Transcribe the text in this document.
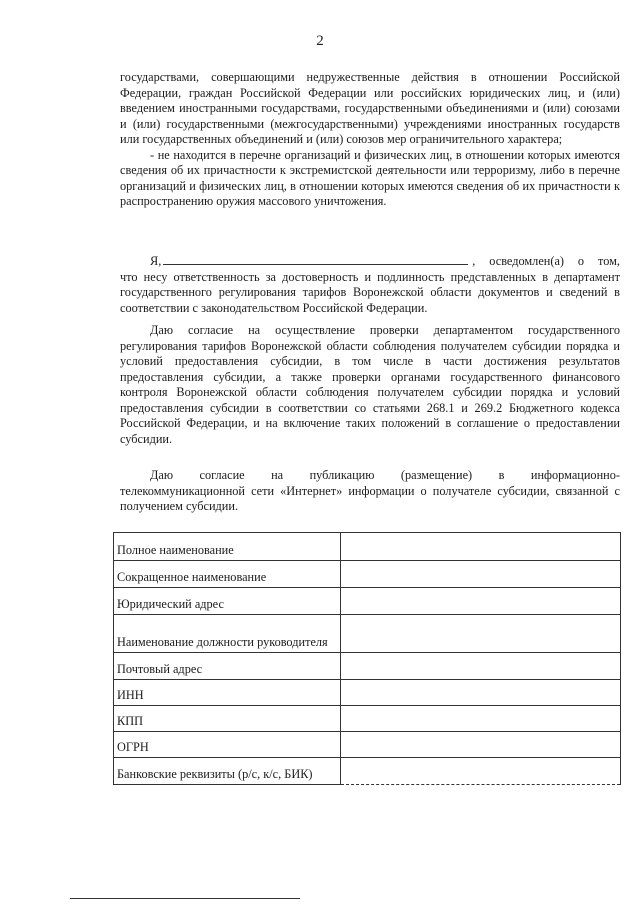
2

государствами, совершающими недружественные действия в отношении Российской Федерации, граждан Российской Федерации или российских юридических лиц, и (или) введением иностранными государствами, государственными объединениями и (или) союзами и (или) государственными (межгосударственными) учреждениями иностранных государств или государственных объединений и (или) союзов мер ограничительного характера;

- не находится в перечне организаций и физических лиц, в отношении которых имеются сведения об их причастности к экстремистской деятельности или терроризму, либо в перечне организаций и физических лиц, в отношении которых имеются сведения об их причастности к распространению оружия массового уничтожения.

Я,	, осведомлен(а) о том,

что несу ответственность за достоверность и подлинность представленных в департамент государственного регулирования тарифов Воронежской области документов и сведений в соответствии с законодательством Российской Федерации.

Даю согласие на осуществление проверки департаментом государственного регулирования тарифов Воронежской области соблюдения получателем субсидии порядка и условий предоставления субсидии, в том числе в части достижения результатов предоставления субсидии, а также проверки органами государственного финансового контроля Воронежской области соблюдения получателем субсидии порядка и условий предоставления субсидии в соответствии со статьями 268.1 и 269.2 Бюджетного кодекса Российской Федерации, и на включение таких положений в соглашение о предоставлении субсидии.

Даю согласие на публикацию (размещение) в информационно-

телекоммуникационной сети «Интернет» информации о получателе субсидии, связанной с получением субсидии.

Полное наименование	
Сокращенное наименование	
Юридический адрес	
Наименование должности руководителя	
Почтовый адрес	
ИНН	
КПП	
ОГРН	
Банковские реквизиты (р/с, к/с, БИК)	
